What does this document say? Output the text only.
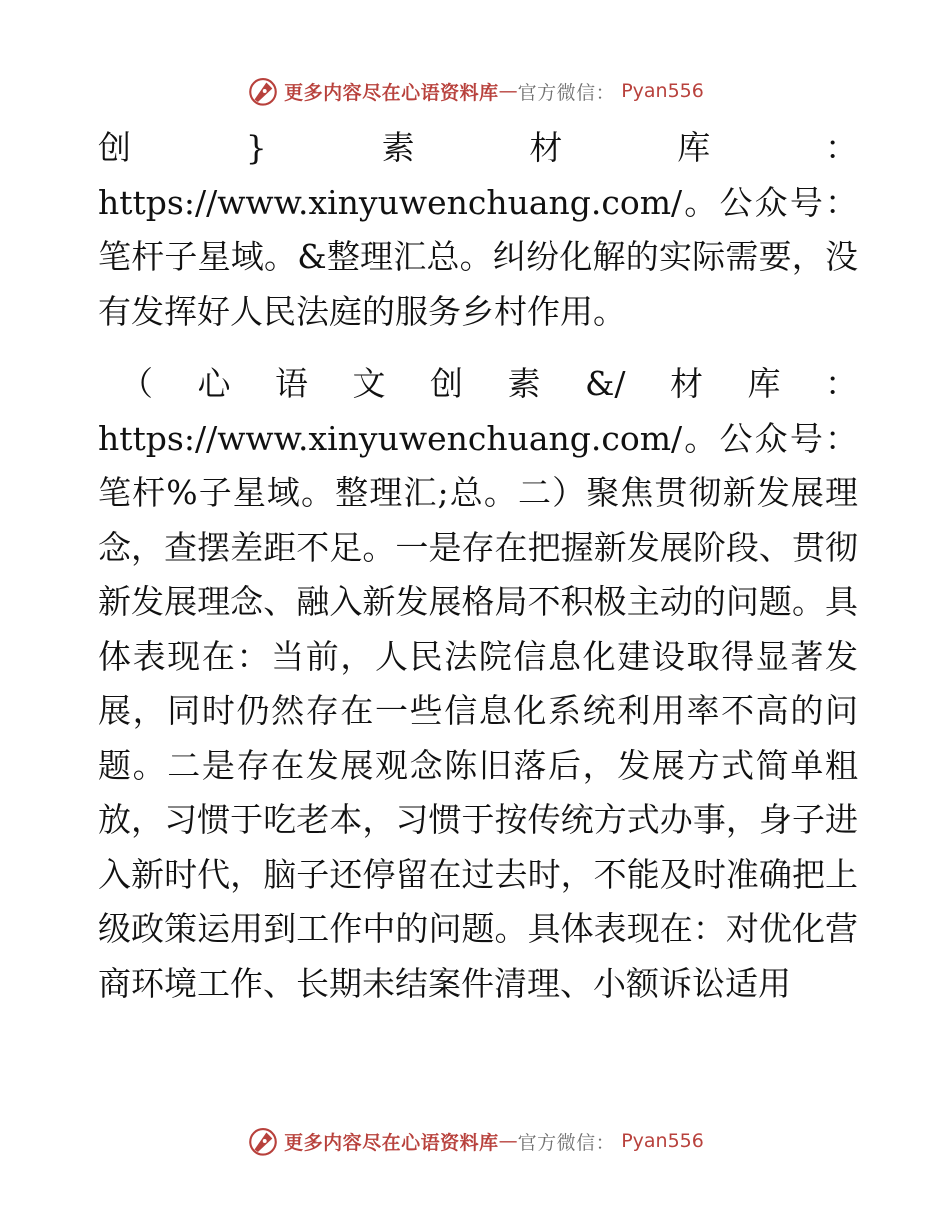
更多内容尽在心语资料库 — 官方微信： Pyan556

创}素材库：https://www.xinyuwenchuang.com/。公众号：笔杆子星域。&整理汇总。纠纷化解的实际需要，没有发挥好人民法庭的服务乡村作用。

（心语文创素&/材库：https://www.xinyuwenchuang.com/。公众号：笔杆%子星域。整理汇;总。二）聚焦贯彻新发展理念，查摆差距不足。一是存在把握新发展阶段、贯彻新发展理念、融入新发展格局不积极主动的问题。具体表现在：当前，人民法院信息化建设取得显著发展，同时仍然存在一些信息化系统利用率不高的问题。二是存在发展观念陈旧落后，发展方式简单粗放，习惯于吃老本，习惯于按传统方式办事，身子进入新时代，脑子还停留在过去时，不能及时准确把上级政策运用到工作中的问题。具体表现在：对优化营商环境工作、长期未结案件清理、小额诉讼适用

更多内容尽在心语资料库 — 官方微信： Pyan556
